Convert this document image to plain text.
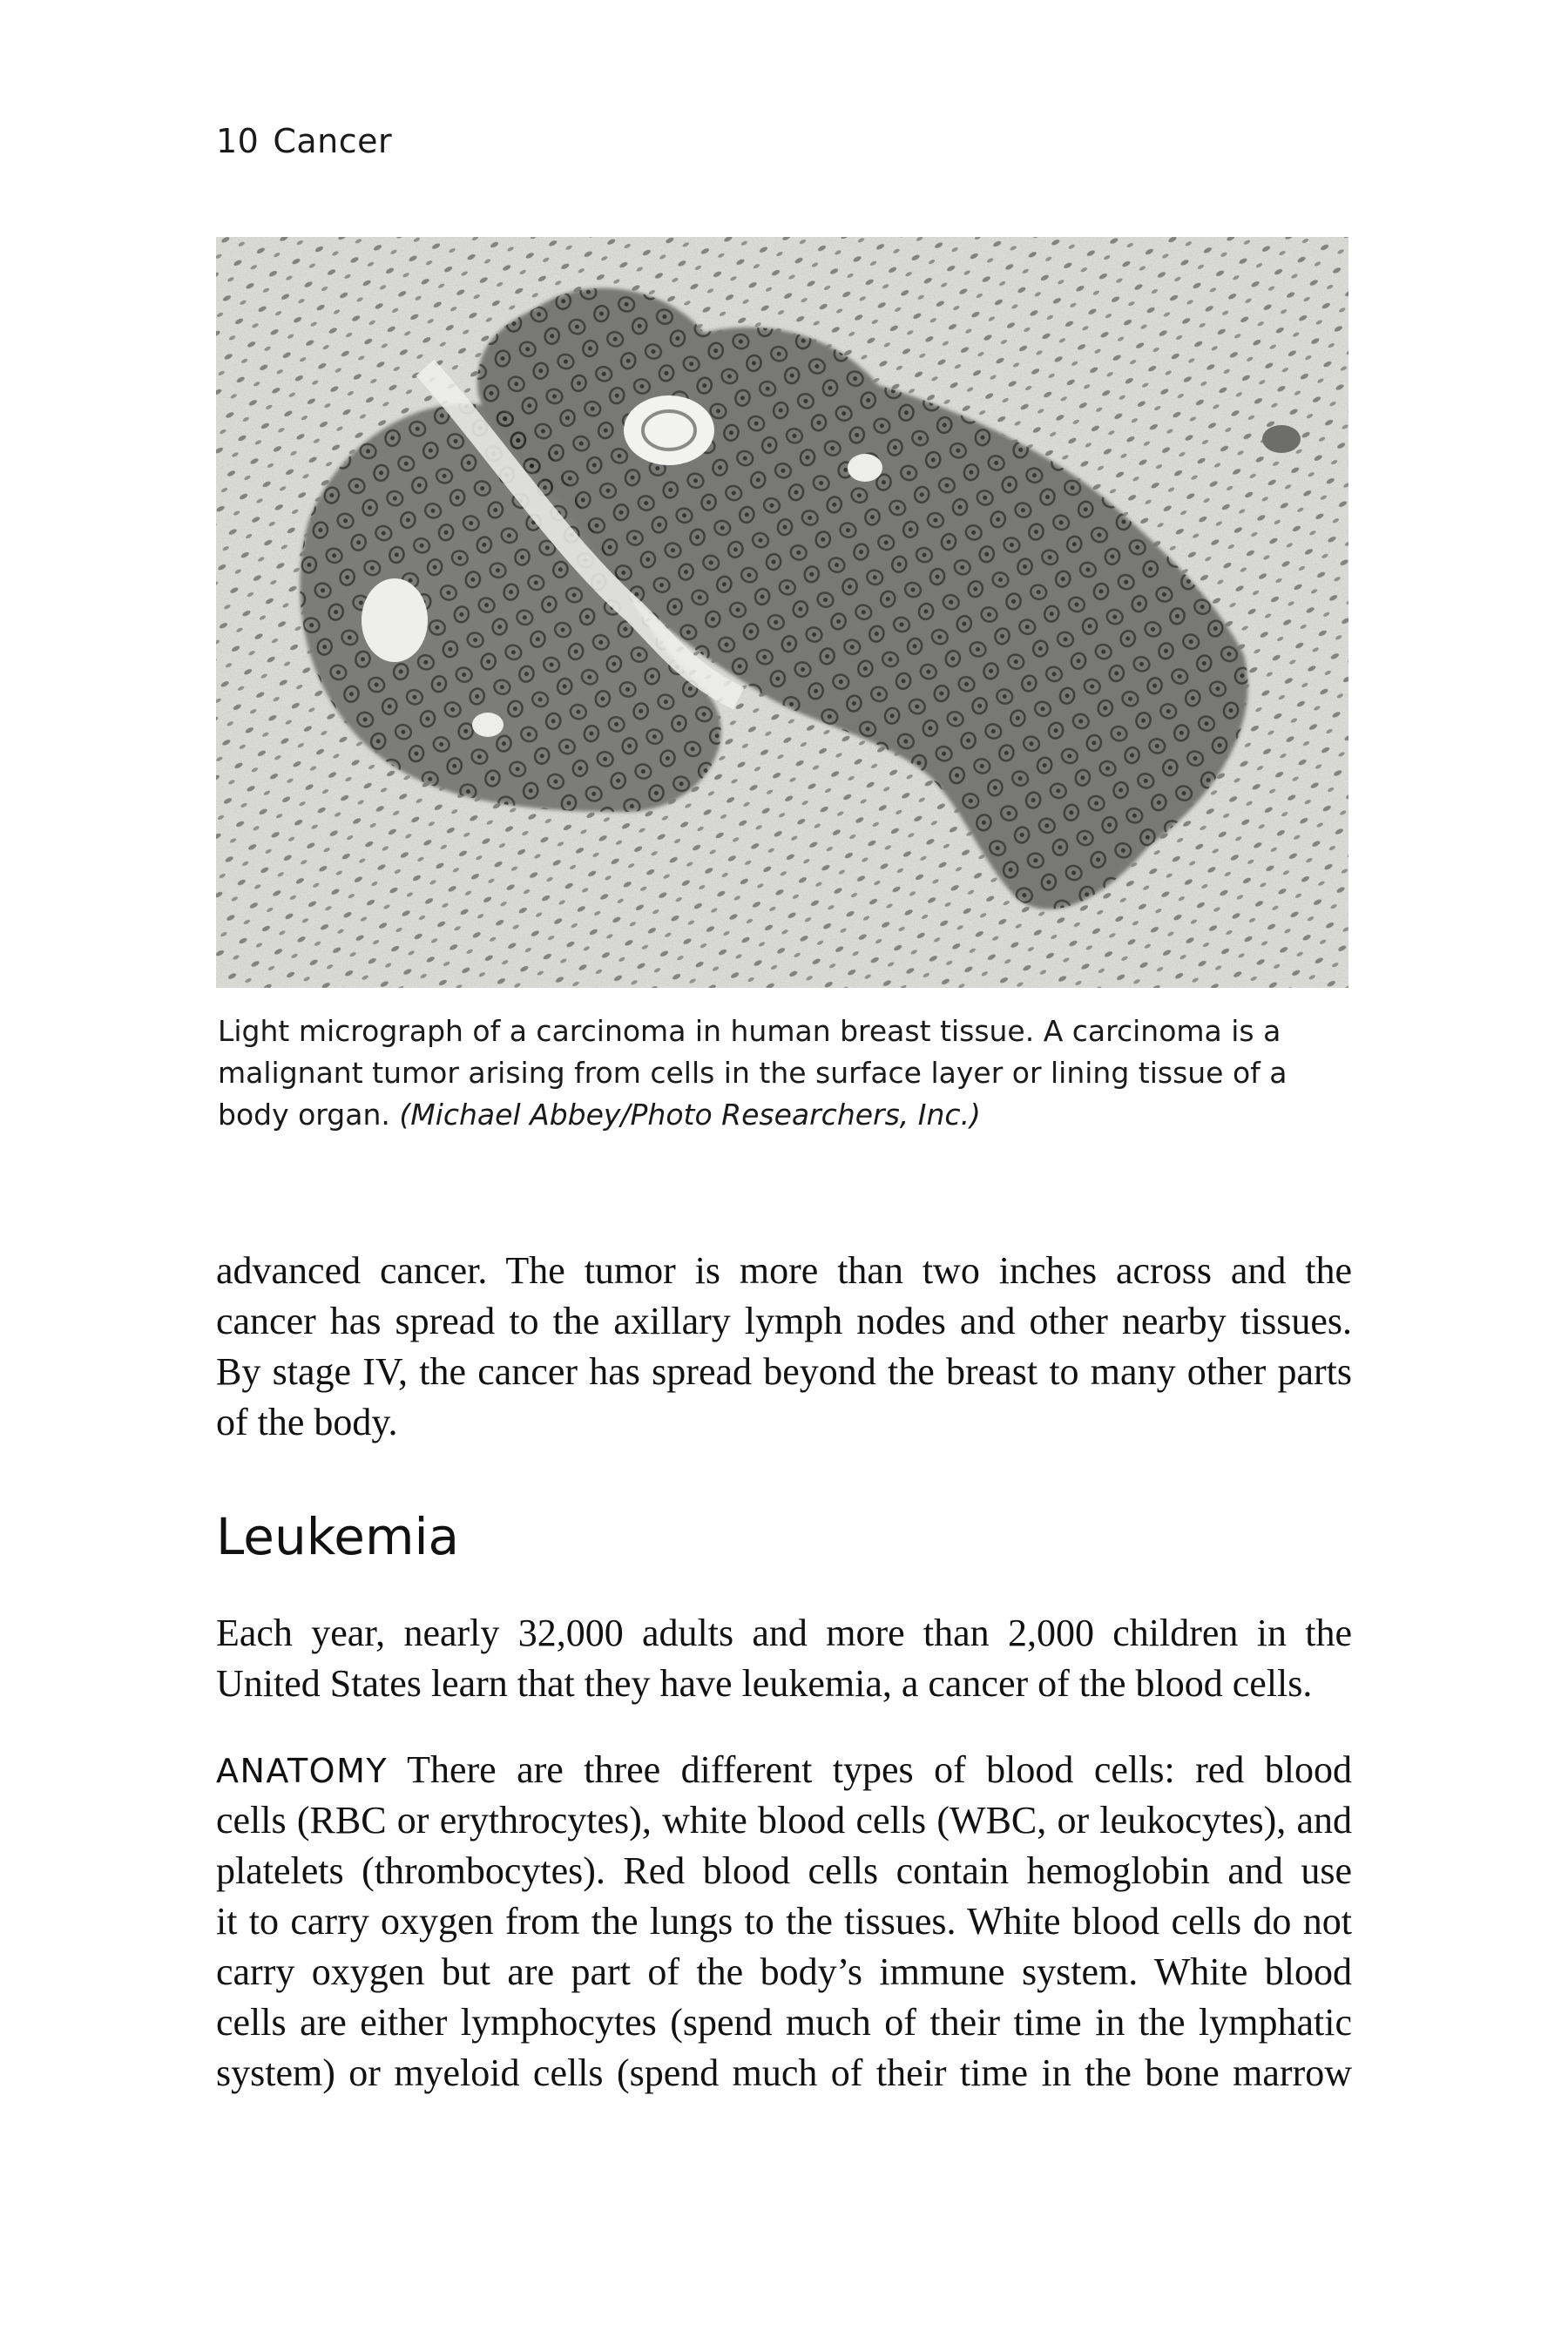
10 Cancer
Light micrograph of a carcinoma in human breast tissue. A carcinoma is a
malignant tumor arising from cells in the surface layer or lining tissue of a
body organ. (Michael Abbey/Photo Researchers, Inc.)
advanced cancer. The tumor is more than two inches across and the
cancer has spread to the axillary lymph nodes and other nearby tissues.
By stage IV, the cancer has spread beyond the breast to many other parts
of the body.
Leukemia
Each year, nearly 32,000 adults and more than 2,000 children in the
United States learn that they have leukemia, a cancer of the blood cells.
ANATOMY There are three different types of blood cells: red blood
cells (RBC or erythrocytes), white blood cells (WBC, or leukocytes), and
platelets (thrombocytes). Red blood cells contain hemoglobin and use
it to carry oxygen from the lungs to the tissues. White blood cells do not
carry oxygen but are part of the body’s immune system. White blood
cells are either lymphocytes (spend much of their time in the lymphatic
system) or myeloid cells (spend much of their time in the bone marrow
